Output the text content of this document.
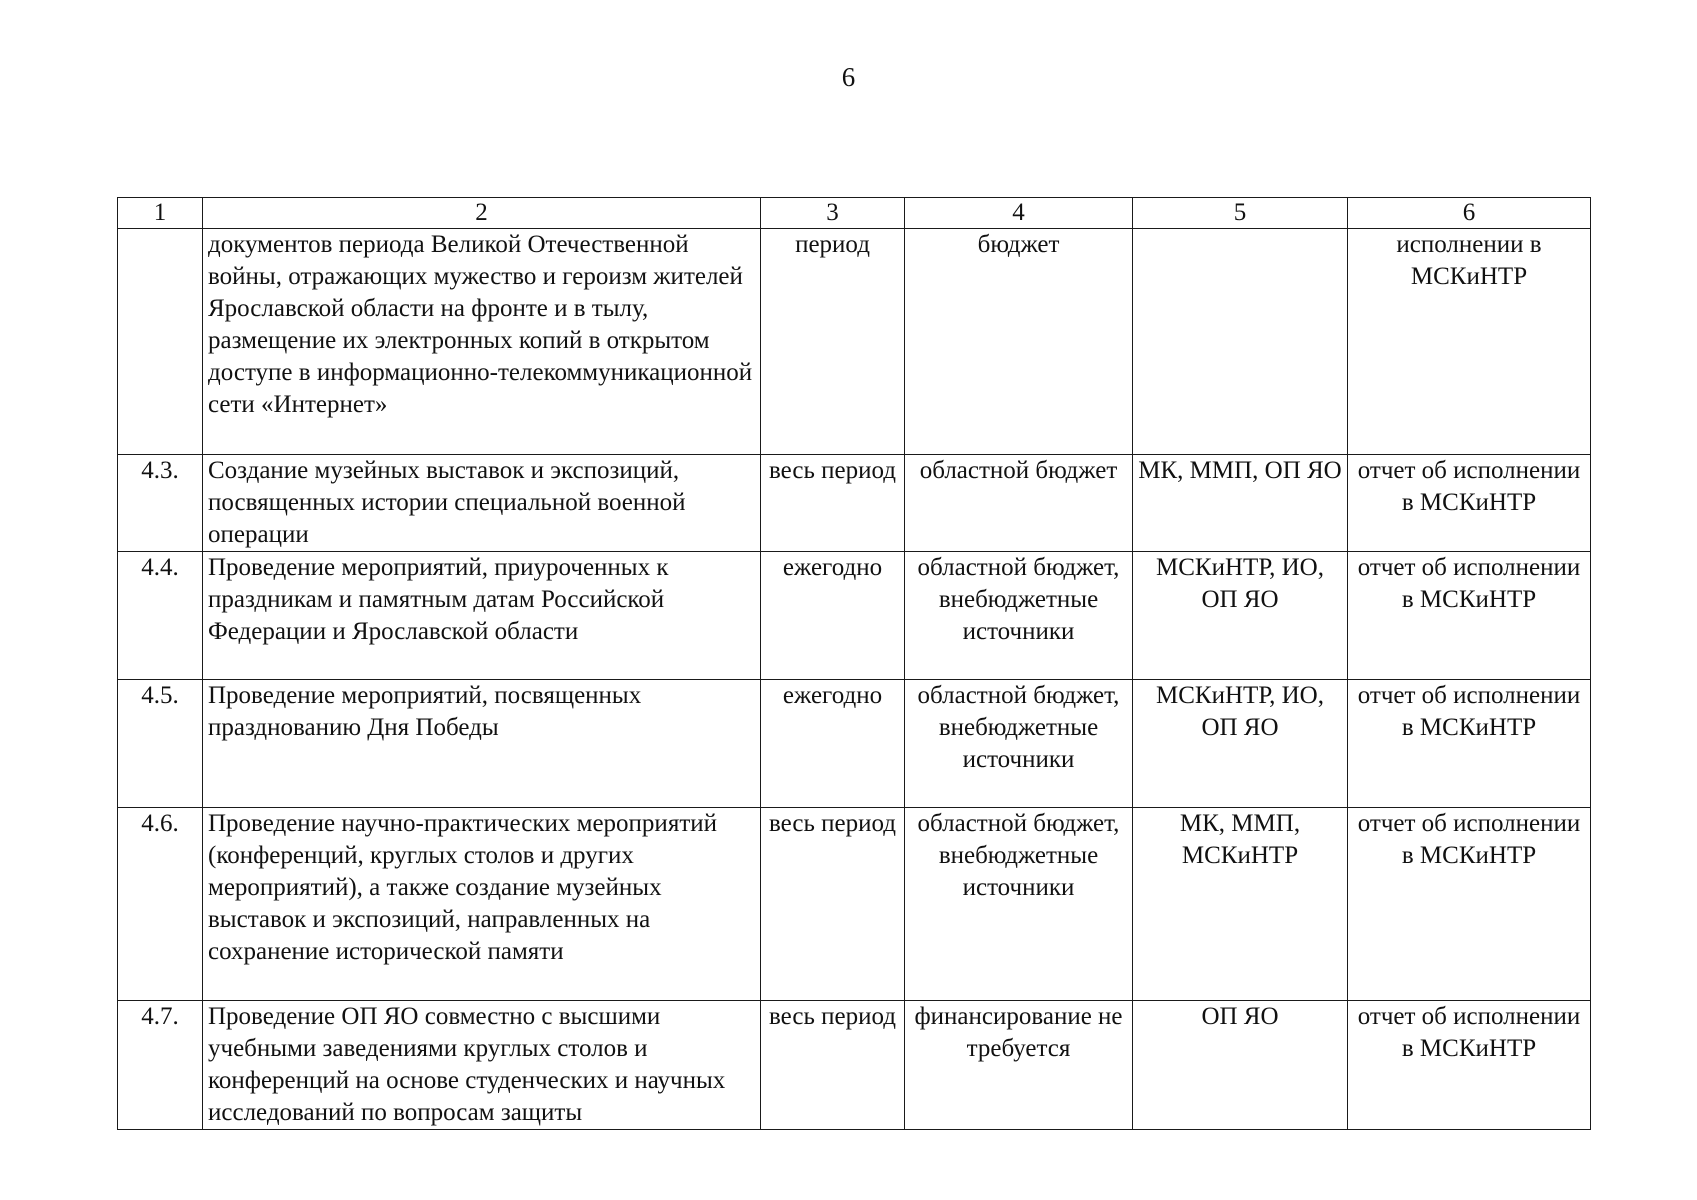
6
1	2	3	4	5	6
	документов периода Великой Отечественной войны, отражающих мужество и героизм жителей Ярославской области на фронте и в тылу, размещение их электронных копий в открытом доступе в информационно-телекоммуникационной сети «Интернет»	период	бюджет		исполнении в МСКиНТР
4.3.	Создание музейных выставок и экспозиций, посвященных истории специальной военной операции	весь период	областной бюджет	МК, ММП, ОП ЯО	отчет об исполнении в МСКиНТР
4.4.	Проведение мероприятий, приуроченных к праздникам и памятным датам Российской Федерации и Ярославской области	ежегодно	областной бюджет, внебюджетные источники	МСКиНТР, ИО, ОП ЯО	отчет об исполнении в МСКиНТР
4.5.	Проведение мероприятий, посвященных празднованию Дня Победы	ежегодно	областной бюджет, внебюджетные источники	МСКиНТР, ИО, ОП ЯО	отчет об исполнении в МСКиНТР
4.6.	Проведение научно-практических мероприятий (конференций, круглых столов и других мероприятий), а также создание музейных выставок и экспозиций, направленных на сохранение исторической памяти	весь период	областной бюджет, внебюджетные источники	МК, ММП, МСКиНТР	отчет об исполнении в МСКиНТР
4.7.	Проведение ОП ЯО совместно с высшими учебными заведениями круглых столов и конференций на основе студенческих и научных исследований по вопросам защиты	весь период	финансирование не требуется	ОП ЯО	отчет об исполнении в МСКиНТР
